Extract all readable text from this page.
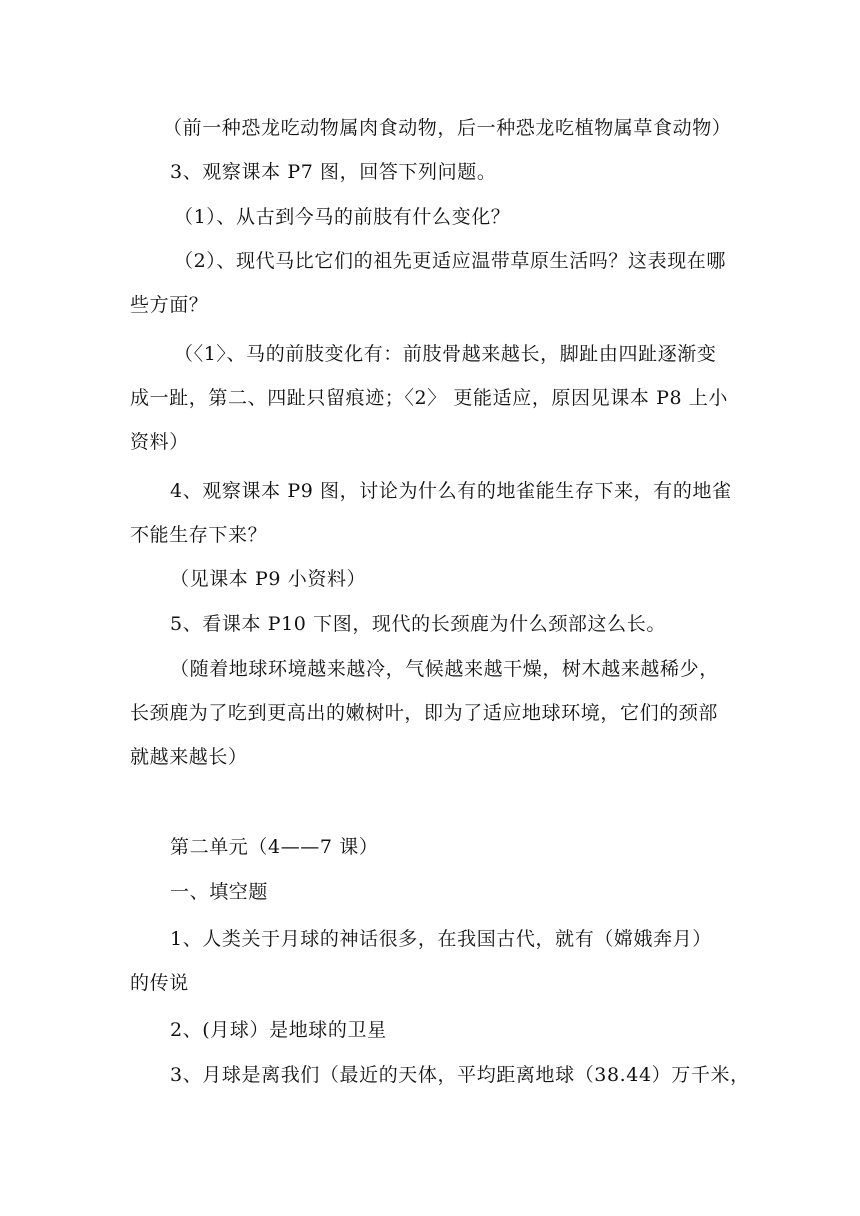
（前一种恐龙吃动物属肉食动物，后一种恐龙吃植物属草食动物）
3、观察课本 P7 图，回答下列问题。
（1）、从古到今马的前肢有什么变化？
（2）、现代马比它们的祖先更适应温带草原生活吗？这表现在哪
些方面？
（〈1〉、马的前肢变化有：前肢骨越来越长，脚趾由四趾逐渐变
成一趾，第二、四趾只留痕迹；〈2〉 更能适应，原因见课本 P8 上小
资料）
4、观察课本 P9 图，讨论为什么有的地雀能生存下来，有的地雀
不能生存下来？
（见课本 P9 小资料）
5、看课本 P10 下图，现代的长颈鹿为什么颈部这么长。
（随着地球环境越来越冷，气候越来越干燥，树木越来越稀少，
长颈鹿为了吃到更高出的嫩树叶，即为了适应地球环境，它们的颈部
就越来越长）
第二单元（4——7 课）
一、填空题
1、人类关于月球的神话很多，在我国古代，就有（嫦娥奔月）
的传说
2、(月球）是地球的卫星
3、月球是离我们（最近的天体，平均距离地球（38.44）万千米，
